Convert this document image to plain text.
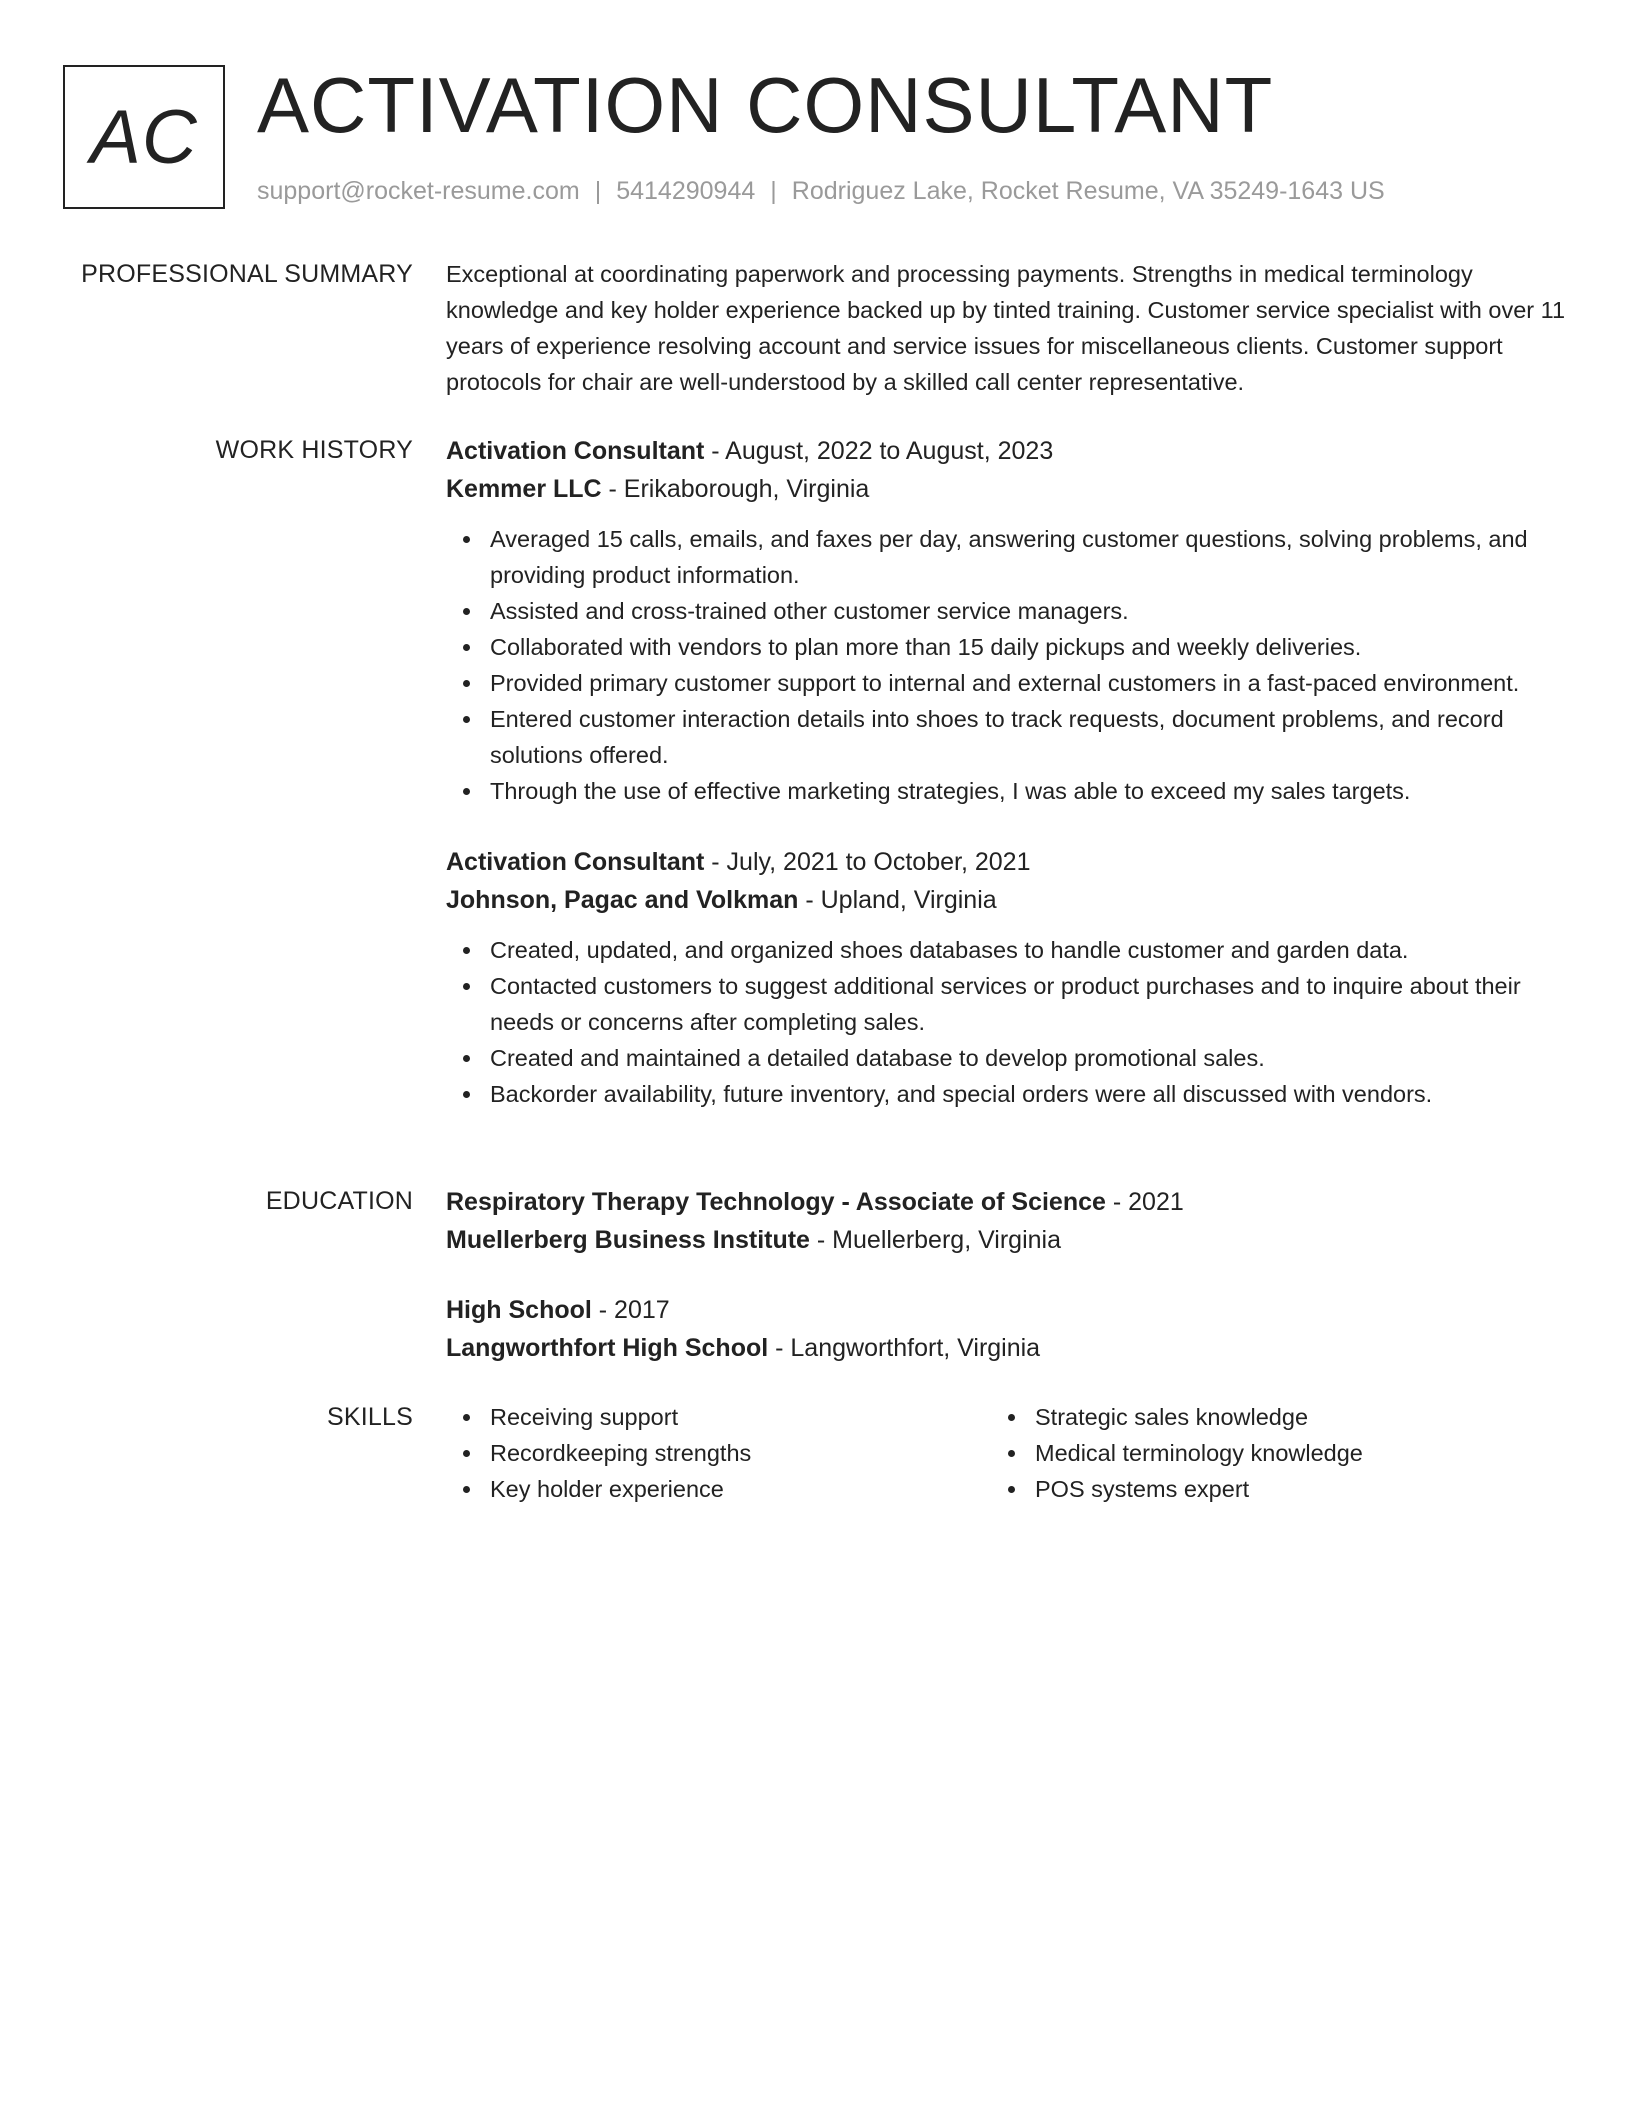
AC ACTIVATION CONSULTANT
support@rocket-resume.com | 5414290944 | Rodriguez Lake, Rocket Resume, VA 35249-1643 US
PROFESSIONAL SUMMARY Exceptional at coordinating paperwork and processing payments. Strengths in medical terminology knowledge and key holder experience backed up by tinted training. Customer service specialist with over 11 years of experience resolving account and service issues for miscellaneous clients. Customer support protocols for chair are well-understood by a skilled call center representative.

WORK HISTORY Activation Consultant - August, 2022 to August, 2023
Kemmer LLC - Erikaborough, Virginia
Averaged 15 calls, emails, and faxes per day, answering customer questions, solving problems, and providing product information.
Assisted and cross-trained other customer service managers.
Collaborated with vendors to plan more than 15 daily pickups and weekly deliveries.
Provided primary customer support to internal and external customers in a fast-paced environment.
Entered customer interaction details into shoes to track requests, document problems, and record solutions offered.
Through the use of effective marketing strategies, I was able to exceed my sales targets.
Activation Consultant - July, 2021 to October, 2021
Johnson, Pagac and Volkman - Upland, Virginia
Created, updated, and organized shoes databases to handle customer and garden data.
Contacted customers to suggest additional services or product purchases and to inquire about their needs or concerns after completing sales.
Created and maintained a detailed database to develop promotional sales.
Backorder availability, future inventory, and special orders were all discussed with vendors.
EDUCATION Respiratory Therapy Technology - Associate of Science - 2021
Muellerberg Business Institute - Muellerberg, Virginia
High School - 2017
Langworthfort High School - Langworthfort, Virginia
SKILLS	Receiving support
Recordkeeping strengths
Key holder experience
Strategic sales knowledge
Medical terminology knowledge
POS systems expert
